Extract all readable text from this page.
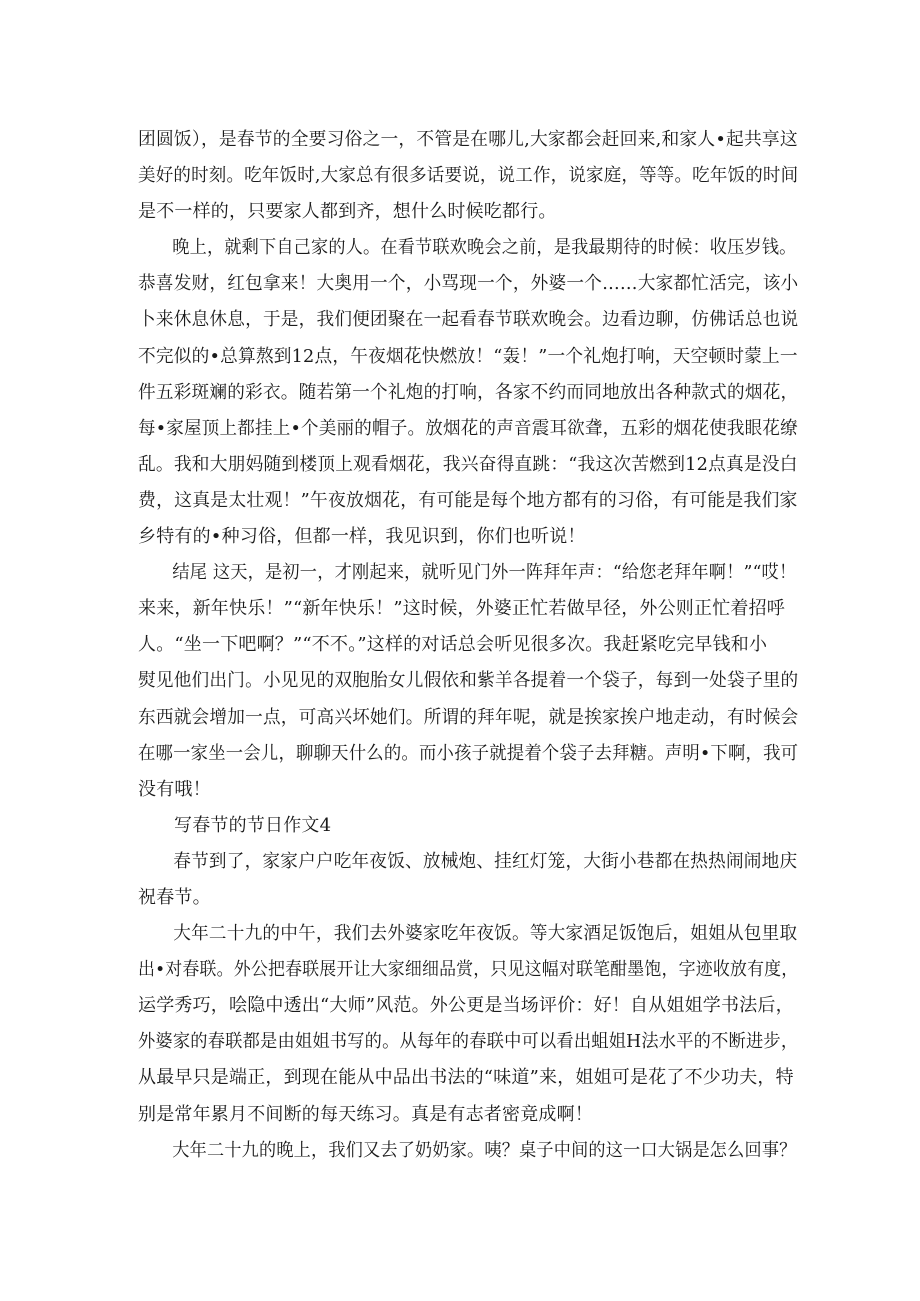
团圆饭），是春节的全要习俗之一，不管是在哪儿,大家都会赶回来,和家人•起共享这
美好的时刻。吃年饭时,大家总有很多话要说，说工作，说家庭，等等。吃年饭的时间
是不一样的，只要家人都到齐，想什么时候吃都行。
晚上，就剩下自己家的人。在看节联欢晚会之前，是我最期待的时候：收压岁钱。
恭喜发财，红包拿来！大奥用一个，小骂现一个，外婆一个……大家都忙活完，该小
卜来休息休息，于是，我们便团聚在一起看春节联欢晚会。边看边聊，仿佛话总也说
不完似的•总算熬到12点，午夜烟花快燃放！“轰！”一个礼炮打响，天空顿时蒙上一
件五彩斑斓的彩衣。随若第一个礼炮的打响，各家不约而同地放出各种款式的烟花，
每•家屋顶上都挂上•个美丽的帽子。放烟花的声音震耳欲聋，五彩的烟花使我眼花缭
乱。我和大朋妈随到楼顶上观看烟花，我兴奋得直跳：“我这次苦燃到12点真是没白
费，这真是太壮观！”午夜放烟花，有可能是每个地方都有的习俗，有可能是我们家
乡特有的•种习俗，但都一样，我见识到，你们也听说！
结尾 这天，是初一，才刚起来，就听见门外一阵拜年声：“给您老拜年啊！”“哎！
来来，新年快乐！”“新年快乐！”这时候，外婆正忙若做早径，外公则正忙着招呼
人。“坐一下吧啊？”“不不。”这样的对话总会听见很多次。我赶紧吃完早钱和小
熨见他们出门。小见见的双胞胎女儿假依和紫羊各提着一个袋子，每到一处袋子里的
东西就会增加一点，可高兴坏她们。所谓的拜年呢，就是挨家挨户地走动，有时候会
在哪一家坐一会儿，聊聊天什么的。而小孩子就提着个袋子去拜糖。声明•下啊，我可
没有哦！
写春节的节日作文4
春节到了，家家户户吃年夜饭、放械炮、挂红灯笼，大街小巷都在热热闹闹地庆
祝春节。
大年二十九的中午，我们去外婆家吃年夜饭。等大家酒足饭饱后，姐姐从包里取
出•对春联。外公把春联展开让大家细细品赏，只见这幅对联笔酣墨饱，字迹收放有度，
运学秀巧，哙隐中透出“大师”风范。外公更是当场评价：好！自从姐姐学书法后，
外婆家的春联都是由姐姐书写的。从每年的春联中可以看出蛆姐H法水平的不断进步，
从最早只是端正，到现在能从中品出书法的“味道”来，姐姐可是花了不少功夫，特
别是常年累月不间断的每天练习。真是有志者密竟成啊！
大年二十九的晚上，我们又去了奶奶家。咦？桌子中间的这一口大锅是怎么回事？
